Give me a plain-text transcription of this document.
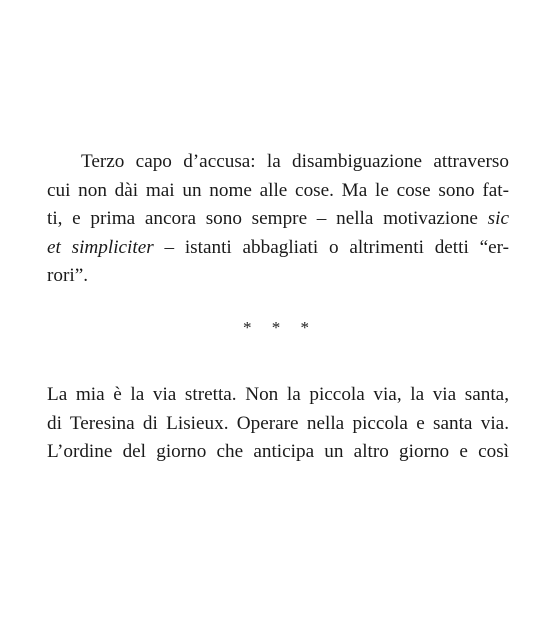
Terzo capo d’accusa: la disambiguazione attraverso
cui non dài mai un nome alle cose. Ma le cose sono fat-
ti, e prima ancora sono sempre – nella motivazione sic
et simpliciter – istanti abbagliati o altrimenti detti “er-
rori”.
* * *
La mia è la via stretta. Non la piccola via, la via santa,
di Teresina di Lisieux. Operare nella piccola e santa via.
L’ordine del giorno che anticipa un altro giorno e così
